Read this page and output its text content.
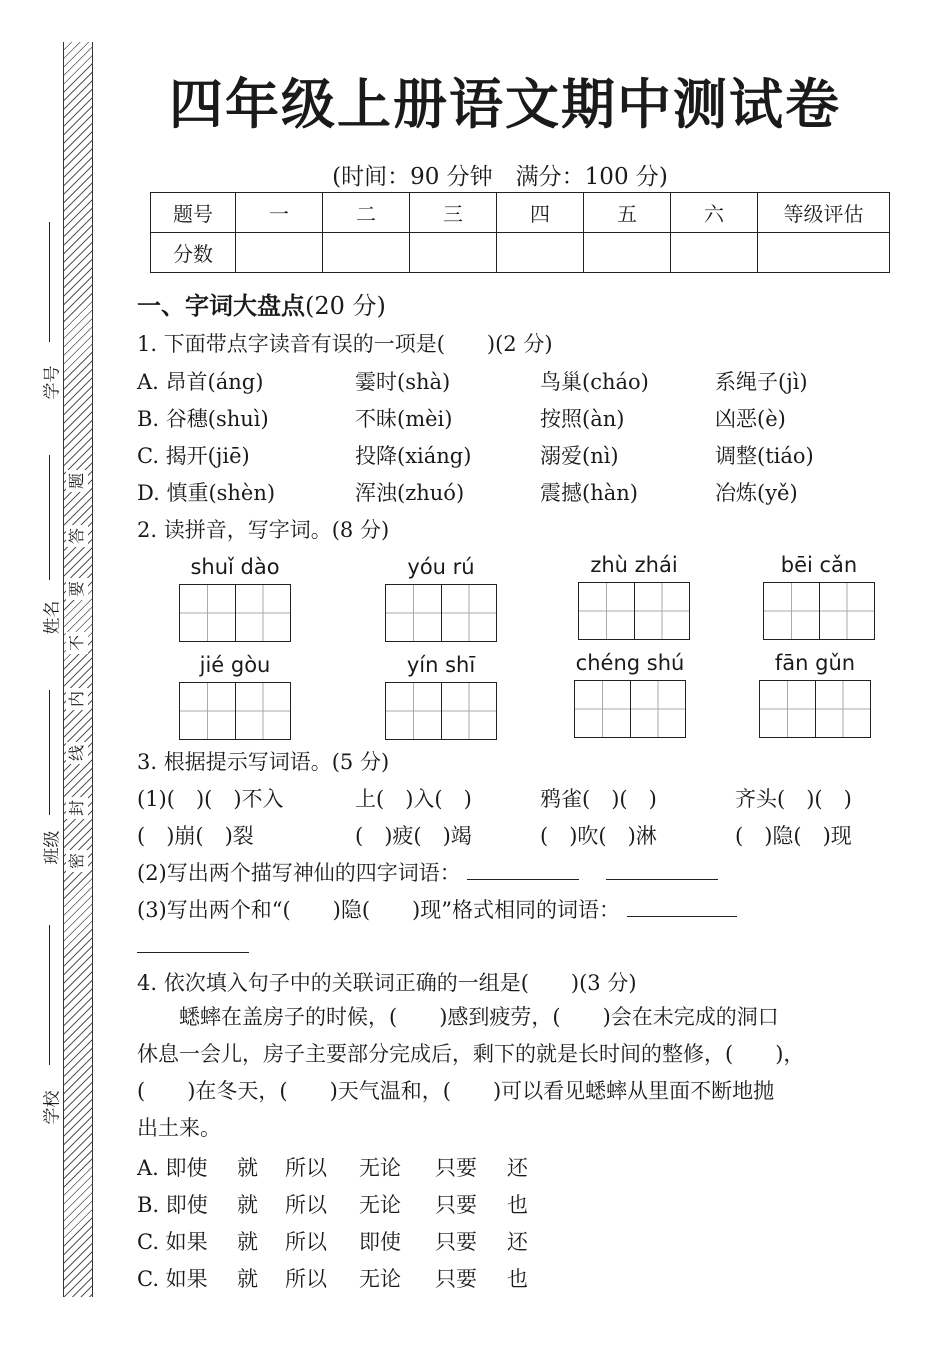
学号
姓名
班级
学校
题
答
要
不
内
线
封
密
四年级上册语文期中测试卷
(时间：90 分钟　满分：100 分)
题号	一	二	三	四	五	六	等级评估
分数							
一、字词大盘点(20 分)
1. 下面带点字读音有误的一项是(　　)(2 分)
A. 昂首(áng)	霎时(shà)	鸟巢(cháo)	系绳子(jì)
B. 谷穗(shuì)	不昧(mèi)	按照(àn)	凶恶(è)
C. 揭开(jiē)	投降(xiáng)	溺爱(nì)	调整(tiáo)
D. 慎重(shèn)	浑浊(zhuó)	震撼(hàn)	冶炼(yě)
2. 读拼音，写字词。(8 分)
shuǐ dào	yóu rú	zhù zhái	bēi cǎn
jié gòu	yín shī	chéng shú	fān gǔn
3. 根据提示写词语。(5 分)
(1)(　)(　)不入	上(　)入(　)	鸦雀(　)(　)	齐头(　)(　)
(　)崩(　)裂	(　)疲(　)竭	(　)吹(　)淋	(　)隐(　)现
(2)写出两个描写神仙的四字词语：
(3)写出两个和“(　　)隐(　　)现”格式相同的词语：
4. 依次填入句子中的关联词正确的一组是(　　)(3 分)
　　蟋蟀在盖房子的时候，(　　)感到疲劳，(　　)会在未完成的洞口
休息一会儿，房子主要部分完成后，剩下的就是长时间的整修，(　　)，
(　　)在冬天，(　　)天气温和，(　　)可以看见蟋蟀从里面不断地抛
出土来。
A. 即使 就 所以 无论 只要 还
B. 即使 就 所以 无论 只要 也
C. 如果 就 所以 即使 只要 还
C. 如果 就 所以 无论 只要 也
